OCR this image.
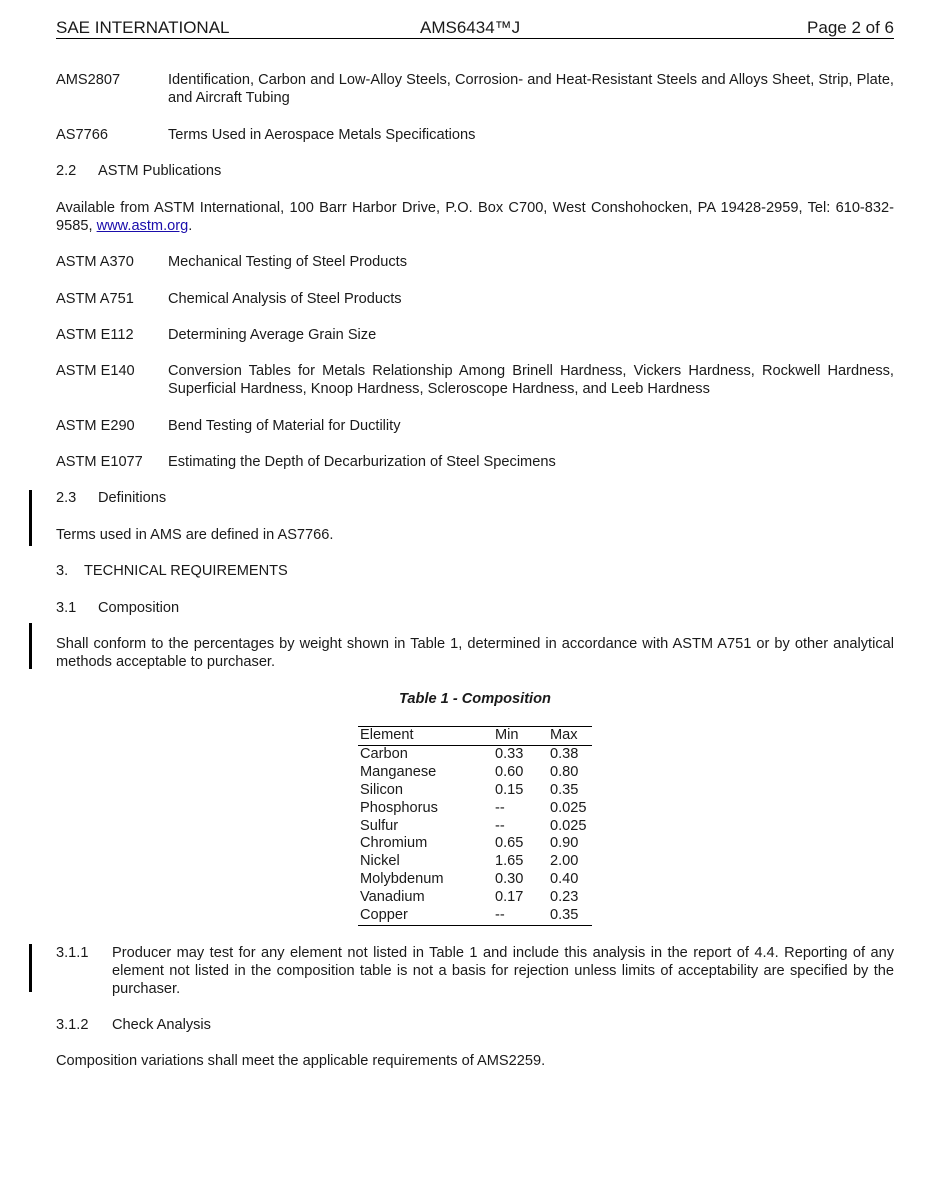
SAE INTERNATIONAL	AMS6434™J	Page 2 of 6
AMS2807	Identification, Carbon and Low-Alloy Steels, Corrosion- and Heat-Resistant Steels and Alloys Sheet, Strip, Plate, and Aircraft Tubing
AS7766	Terms Used in Aerospace Metals Specifications
2.2 ASTM Publications
Available from ASTM International, 100 Barr Harbor Drive, P.O. Box C700, West Conshohocken, PA 19428-2959, Tel: 610-832-9585, www.astm.org.
ASTM A370 Mechanical Testing of Steel Products
ASTM A751 Chemical Analysis of Steel Products
ASTM E112 Determining Average Grain Size
ASTM E140 Conversion Tables for Metals Relationship Among Brinell Hardness, Vickers Hardness, Rockwell Hardness, Superficial Hardness, Knoop Hardness, Scleroscope Hardness, and Leeb Hardness
ASTM E290 Bend Testing of Material for Ductility
ASTM E1077 Estimating the Depth of Decarburization of Steel Specimens
2.3 Definitions
Terms used in AMS are defined in AS7766.
3. TECHNICAL REQUIREMENTS
3.1 Composition
Shall conform to the percentages by weight shown in Table 1, determined in accordance with ASTM A751 or by other analytical methods acceptable to purchaser.
Table 1 - Composition
Element	Min	Max
Carbon	0.33	0.38
Manganese	0.60	0.80
Silicon	0.15	0.35
Phosphorus	--	0.025
Sulfur	--	0.025
Chromium	0.65	0.90
Nickel	1.65	2.00
Molybdenum	0.30	0.40
Vanadium	0.17	0.23
Copper	--	0.35
3.1.1 Producer may test for any element not listed in Table 1 and include this analysis in the report of 4.4. Reporting of any element not listed in the composition table is not a basis for rejection unless limits of acceptability are specified by the purchaser.
3.1.2 Check Analysis
Composition variations shall meet the applicable requirements of AMS2259.
